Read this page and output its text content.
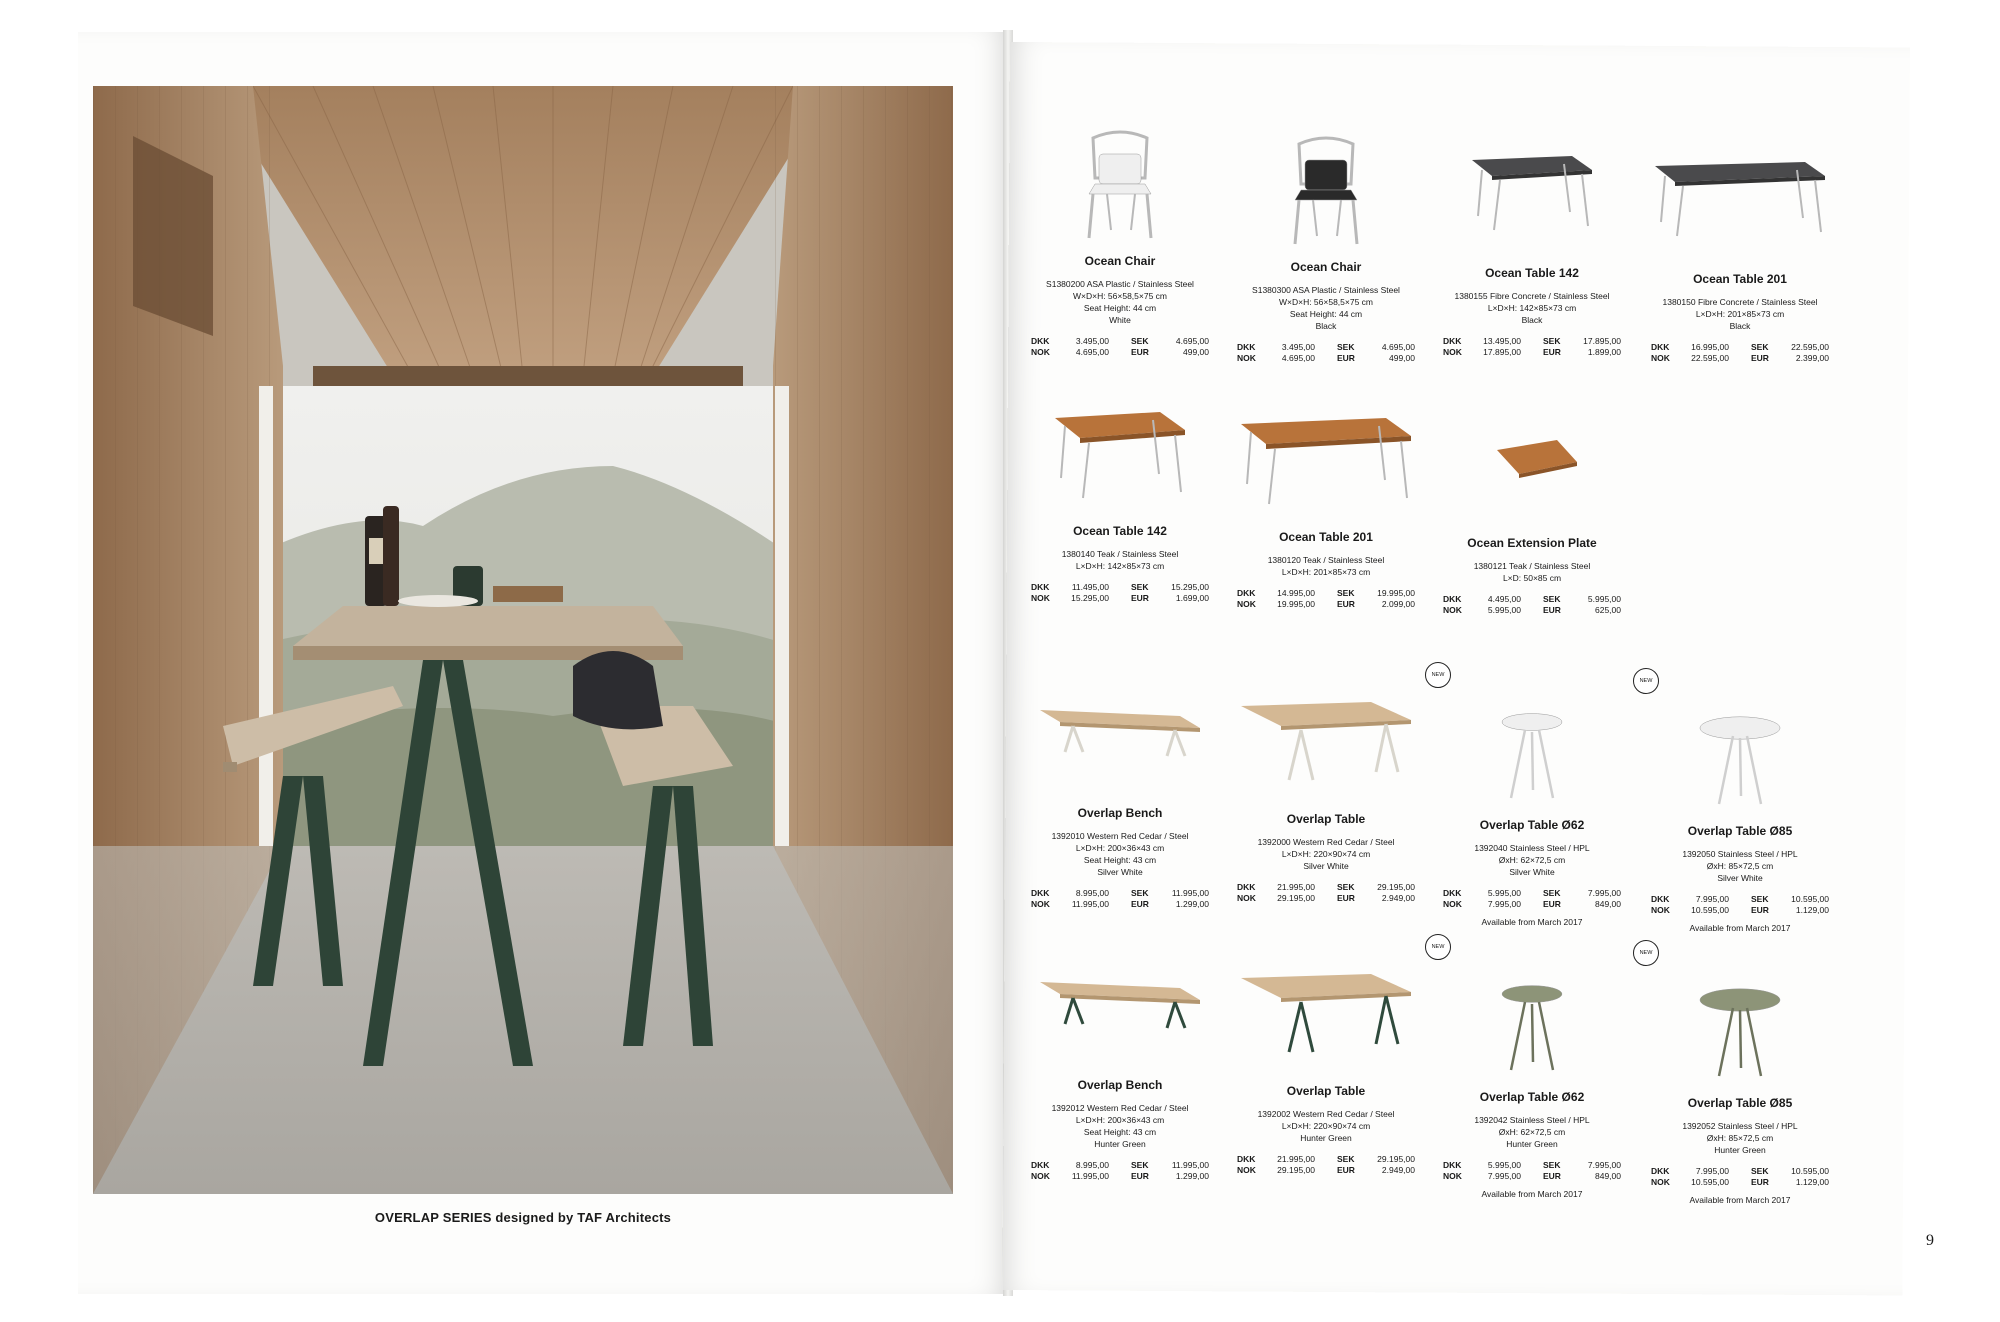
OVERLAP SERIES designed by TAF Architects
Ocean Chair
S1380200 ASA Plastic / Stainless Steel
W×D×H: 56×58,5×75 cm
Seat Height: 44 cm
White
DKK	3.495,00	SEK	4.695,00
NOK	4.695,00	EUR	499,00
Ocean Chair
S1380300 ASA Plastic / Stainless Steel
W×D×H: 56×58,5×75 cm
Seat Height: 44 cm
Black
DKK	3.495,00	SEK	4.695,00
NOK	4.695,00	EUR	499,00
Ocean Table 142
1380155 Fibre Concrete / Stainless Steel
L×D×H: 142×85×73 cm
Black
DKK	13.495,00	SEK	17.895,00
NOK	17.895,00	EUR	1.899,00
Ocean Table 201
1380150 Fibre Concrete / Stainless Steel
L×D×H: 201×85×73 cm
Black
DKK	16.995,00	SEK	22.595,00
NOK	22.595,00	EUR	2.399,00
Ocean Table 142
1380140 Teak / Stainless Steel
L×D×H: 142×85×73 cm
DKK	11.495,00	SEK	15.295,00
NOK	15.295,00	EUR	1.699,00
Ocean Table 201
1380120 Teak / Stainless Steel
L×D×H: 201×85×73 cm
DKK	14.995,00	SEK	19.995,00
NOK	19.995,00	EUR	2.099,00
Ocean Extension Plate
1380121 Teak / Stainless Steel
L×D: 50×85 cm
DKK	4.495,00	SEK	5.995,00
NOK	5.995,00	EUR	625,00
Overlap Bench
1392010 Western Red Cedar / Steel
L×D×H: 200×36×43 cm
Seat Height: 43 cm
Silver White
DKK	8.995,00	SEK	11.995,00
NOK	11.995,00	EUR	1.299,00
Overlap Table
1392000 Western Red Cedar / Steel
L×D×H: 220×90×74 cm
Silver White
DKK	21.995,00	SEK	29.195,00
NOK	29.195,00	EUR	2.949,00
NEW
Overlap Table Ø62
1392040 Stainless Steel / HPL
ØxH: 62×72,5 cm
Silver White
DKK	5.995,00	SEK	7.995,00
NOK	7.995,00	EUR	849,00
Available from March 2017
NEW
Overlap Table Ø85
1392050 Stainless Steel / HPL
ØxH: 85×72,5 cm
Silver White
DKK	7.995,00	SEK	10.595,00
NOK	10.595,00	EUR	1.129,00
Available from March 2017
Overlap Bench
1392012 Western Red Cedar / Steel
L×D×H: 200×36×43 cm
Seat Height: 43 cm
Hunter Green
DKK	8.995,00	SEK	11.995,00
NOK	11.995,00	EUR	1.299,00
Overlap Table
1392002 Western Red Cedar / Steel
L×D×H: 220×90×74 cm
Hunter Green
DKK	21.995,00	SEK	29.195,00
NOK	29.195,00	EUR	2.949,00
NEW
Overlap Table Ø62
1392042 Stainless Steel / HPL
ØxH: 62×72,5 cm
Hunter Green
DKK	5.995,00	SEK	7.995,00
NOK	7.995,00	EUR	849,00
Available from March 2017
NEW
Overlap Table Ø85
1392052 Stainless Steel / HPL
ØxH: 85×72,5 cm
Hunter Green
DKK	7.995,00	SEK	10.595,00
NOK	10.595,00	EUR	1.129,00
Available from March 2017
9
